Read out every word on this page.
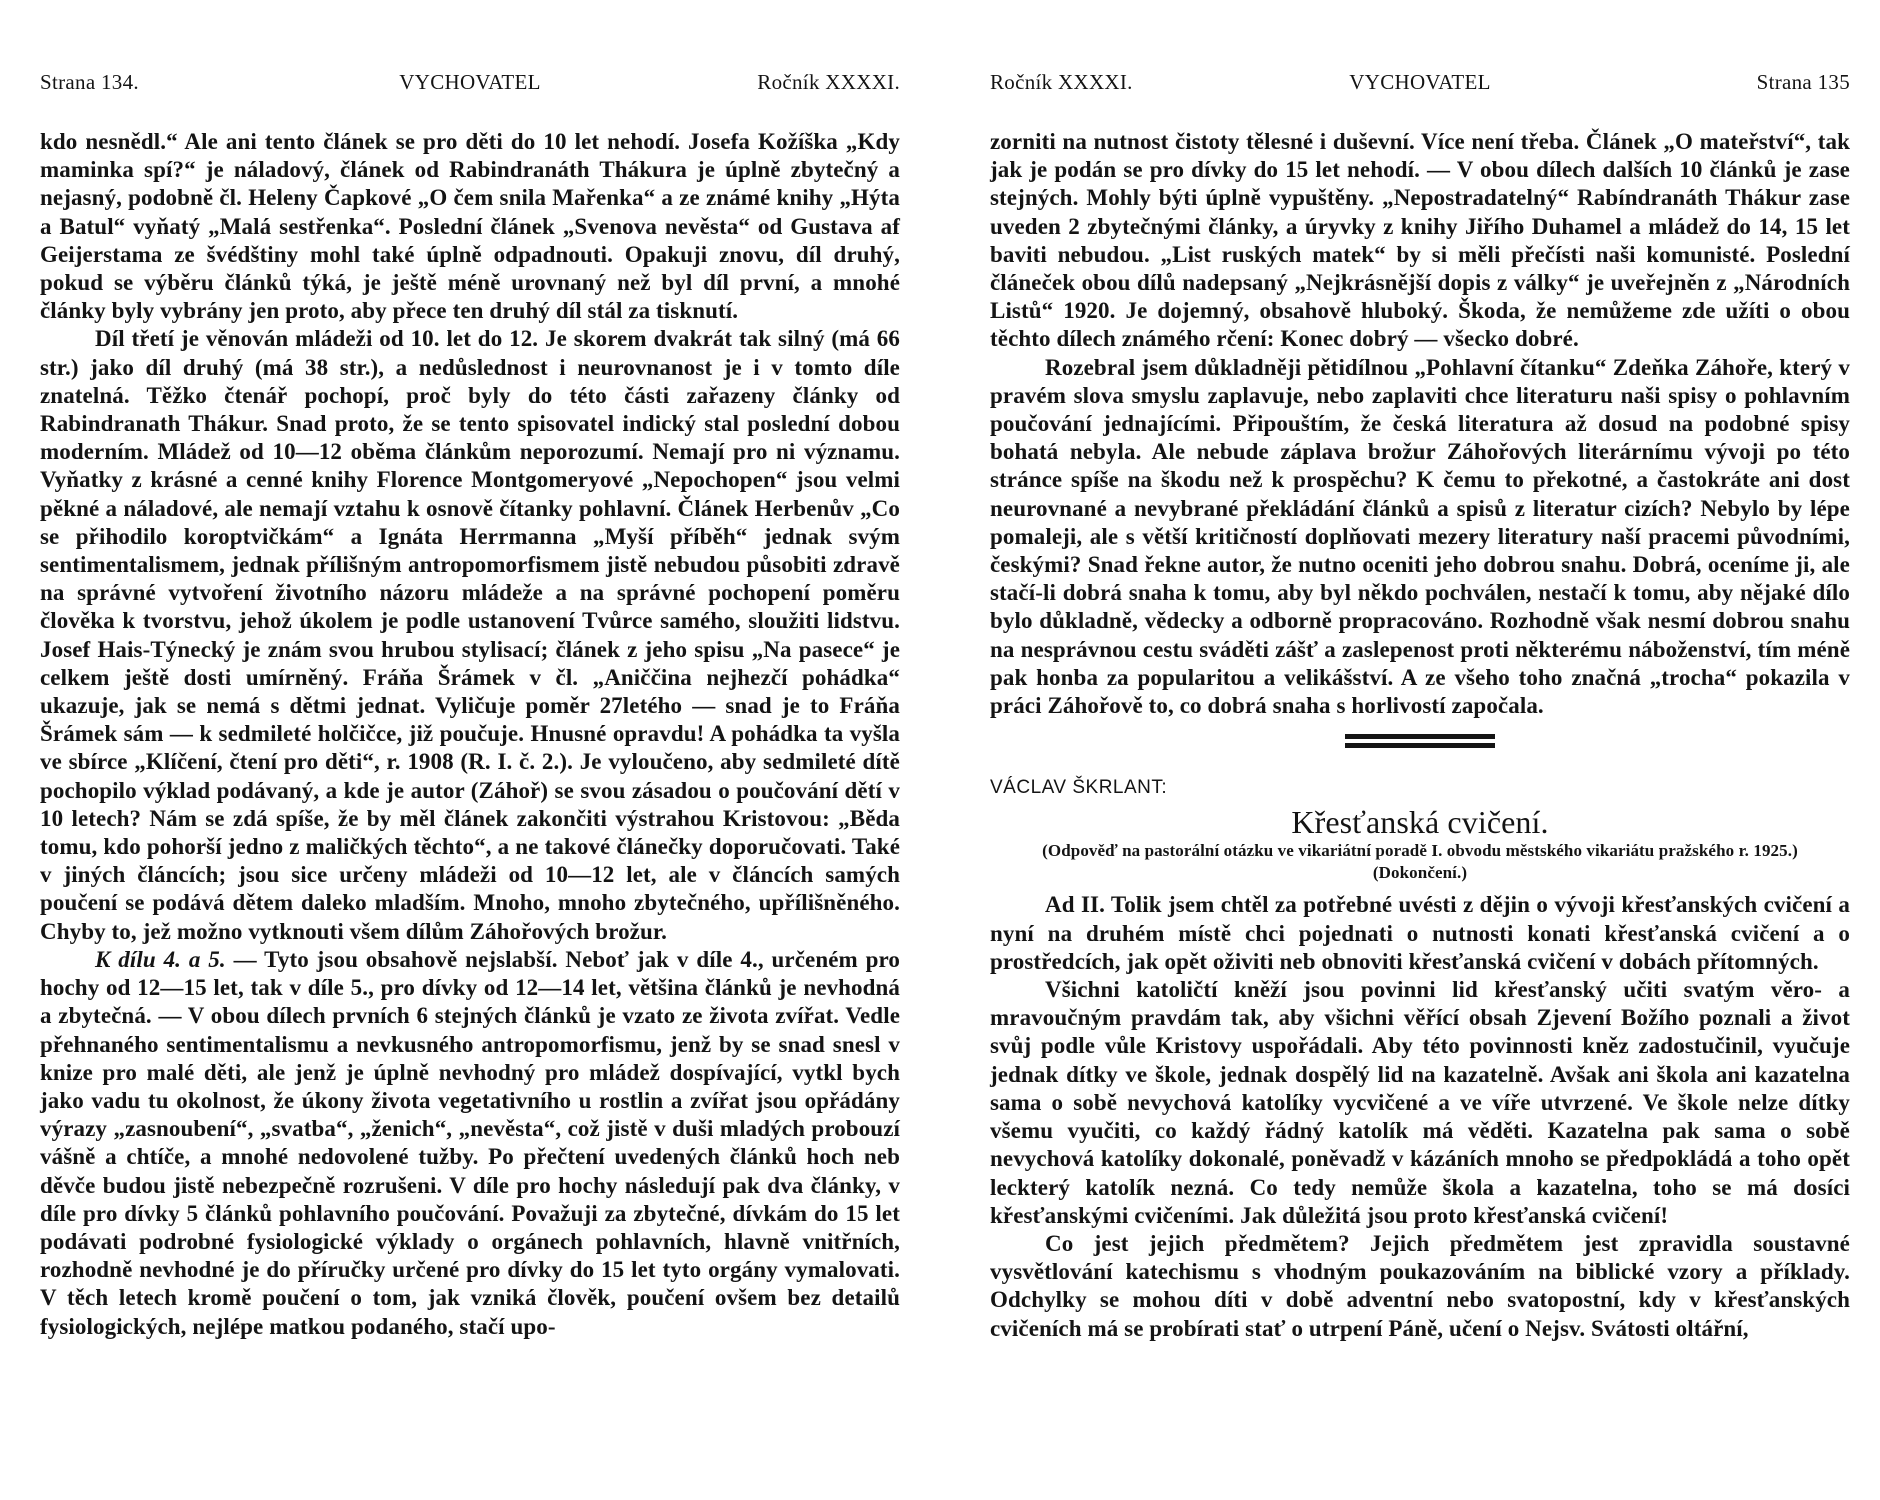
Strana 134.	VYCHOVATEL	Ročník XXXXI.

kdo nesnědl.“ Ale ani tento článek se pro děti do 10 let nehodí. Josefa Kožíška „Kdy maminka spí?“ je náladový, článek od Rabindranáth Thákura je úplně zbytečný a nejasný, podobně čl. Heleny Čapkové „O čem snila Mařenka“ a ze známé knihy „Hýta a Batul“ vyňatý „Malá sestřenka“. Poslední článek „Svenova nevěsta“ od Gustava af Geijerstama ze švédštiny mohl také úplně odpadnouti. Opakuji znovu, díl druhý, pokud se výběru článků týká, je ještě méně urovnaný než byl díl první, a mnohé články byly vybrány jen proto, aby přece ten druhý díl stál za tisknutí.

Díl třetí je věnován mládeži od 10. let do 12. Je skorem dvakrát tak silný (má 66 str.) jako díl druhý (má 38 str.), a nedůslednost i neurovnanost je i v tomto díle znatelná. Těžko čtenář pochopí, proč byly do této části zařazeny články od Rabindranath Thákur. Snad proto, že se tento spisovatel indický stal poslední dobou moderním. Mládež od 10—12 oběma článkům neporozumí. Nemají pro ni významu. Vyňatky z krásné a cenné knihy Florence Montgomeryové „Nepochopen“ jsou velmi pěkné a náladové, ale nemají vztahu k osnově čítanky pohlavní. Článek Herbenův „Co se přihodilo koroptvičkám“ a Ignáta Herrmanna „Myší příběh“ jednak svým sentimentalismem, jednak přílišným antropomorfismem jistě nebudou působiti zdravě na správné vytvoření životního názoru mládeže a na správné pochopení poměru člověka k tvorstvu, jehož úkolem je podle ustanovení Tvůrce samého, sloužiti lidstvu. Josef Hais-Týnecký je znám svou hrubou stylisací; článek z jeho spisu „Na pasece“ je celkem ještě dosti umírněný. Fráňa Šrámek v čl. „Aniččina nejhezčí pohádka“ ukazuje, jak se nemá s dětmi jednat. Vyličuje poměr 27letého — snad je to Fráňa Šrámek sám — k sedmileté holčičce, již poučuje. Hnusné opravdu! A pohádka ta vyšla ve sbírce „Klíčení, čtení pro děti“, r. 1908 (R. I. č. 2.). Je vyloučeno, aby sedmileté dítě pochopilo výklad podávaný, a kde je autor (Záhoř) se svou zásadou o poučování dětí v 10 letech? Nám se zdá spíše, že by měl článek zakončiti výstrahou Kristovou: „Běda tomu, kdo pohorší jedno z maličkých těchto“, a ne takové článečky doporučovati. Také v jiných článcích; jsou sice určeny mládeži od 10—12 let, ale v článcích samých poučení se podává dětem daleko mladším. Mnoho, mnoho zbytečného, upřílišněného. Chyby to, jež možno vytknouti všem dílům Záhořových brožur.

K dílu 4. a 5. — Tyto jsou obsahově nejslabší. Neboť jak v díle 4., určeném pro hochy od 12—15 let, tak v díle 5., pro dívky od 12—14 let, většina článků je nevhodná a zbytečná. — V obou dílech prvních 6 stejných článků je vzato ze života zvířat. Vedle přehnaného sentimentalismu a nevkusného antropomorfismu, jenž by se snad snesl v knize pro malé děti, ale jenž je úplně nevhodný pro mládež dospívající, vytkl bych jako vadu tu okolnost, že úkony života vegetativního u rostlin a zvířat jsou opřádány výrazy „zasnoubení“, „svatba“, „ženich“, „nevěsta“, což jistě v duši mladých probouzí vášně a chtíče, a mnohé nedovolené tužby. Po přečtení uvedených článků hoch neb děvče budou jistě nebezpečně rozrušeni. V díle pro hochy následují pak dva články, v díle pro dívky 5 článků pohlavního poučování. Považuji za zbytečné, dívkám do 15 let podávati podrobné fysiologické výklady o orgánech pohlavních, hlavně vnitřních, rozhodně nevhodné je do příručky určené pro dívky do 15 let tyto orgány vymalovati. V těch letech kromě poučení o tom, jak vzniká člověk, poučení ovšem bez detailů fysiologických, nejlépe matkou podaného, stačí upo-

Ročník XXXXI.	VYCHOVATEL	Strana 135

zorniti na nutnost čistoty tělesné i duševní. Více není třeba. Článek „O mateřství“, tak jak je podán se pro dívky do 15 let nehodí. — V obou dílech dalších 10 článků je zase stejných. Mohly býti úplně vypuštěny. „Nepostradatelný“ Rabíndranáth Thákur zase uveden 2 zbytečnými články, a úryvky z knihy Jiřího Duhamel a mládež do 14, 15 let baviti nebudou. „List ruských matek“ by si měli přečísti naši komunisté. Poslední článeček obou dílů nadepsaný „Nejkrásnější dopis z války“ je uveřejněn z „Národních Listů“ 1920. Je dojemný, obsahově hluboký. Škoda, že nemůžeme zde užíti o obou těchto dílech známého rčení: Konec dobrý — všecko dobré.

Rozebral jsem důkladněji pětidílnou „Pohlavní čítanku“ Zdeňka Záhoře, který v pravém slova smyslu zaplavuje, nebo zaplaviti chce literaturu naši spisy o pohlavním poučování jednajícími. Připouštím, že česká literatura až dosud na podobné spisy bohatá nebyla. Ale nebude záplava brožur Záhořových literárnímu vývoji po této stránce spíše na škodu než k prospěchu? K čemu to překotné, a častokráte ani dost neurovnané a nevybrané překládání článků a spisů z literatur cizích? Nebylo by lépe pomaleji, ale s větší kritičností doplňovati mezery literatury naší pracemi původními, českými? Snad řekne autor, že nutno oceniti jeho dobrou snahu. Dobrá, oceníme ji, ale stačí-li dobrá snaha k tomu, aby byl někdo pochválen, nestačí k tomu, aby nějaké dílo bylo důkladně, vědecky a odborně propracováno. Rozhodně však nesmí dobrou snahu na nesprávnou cestu sváděti zášť a zaslepenost proti některému náboženství, tím méně pak honba za popularitou a velikášství. A ze všeho toho značná „trocha“ pokazila v práci Záhořově to, co dobrá snaha s horlivostí započala.

VÁCLAV ŠKRLANT:
Křesťanská cvičení.
(Odpověď na pastorální otázku ve vikariátní poradě I. obvodu městského vikariátu pražského r. 1925.)
(Dokončení.)

Ad II. Tolik jsem chtěl za potřebné uvésti z dějin o vývoji křesťanských cvičení a nyní na druhém místě chci pojednati o nutnosti konati křesťanská cvičení a o prostředcích, jak opět oživiti neb obnoviti křesťanská cvičení v dobách přítomných.

Všichni katoličtí kněží jsou povinni lid křesťanský učiti svatým věro- a mravoučným pravdám tak, aby všichni věřící obsah Zjevení Božího poznali a život svůj podle vůle Kristovy uspořádali. Aby této povinnosti kněz zadostučinil, vyučuje jednak dítky ve škole, jednak dospělý lid na kazatelně. Avšak ani škola ani kazatelna sama o sobě nevychová katolíky vycvičené a ve víře utvrzené. Ve škole nelze dítky všemu vyučiti, co každý řádný katolík má věděti. Kazatelna pak sama o sobě nevychová katolíky dokonalé, poněvadž v kázáních mnoho se předpokládá a toho opět leckterý katolík nezná. Co tedy nemůže škola a kazatelna, toho se má dosíci křesťanskými cvičeními. Jak důležitá jsou proto křesťanská cvičení!

Co jest jejich předmětem? Jejich předmětem jest zpravidla soustavné vysvětlování katechismu s vhodným poukazováním na biblické vzory a příklady. Odchylky se mohou díti v době adventní nebo svatopostní, kdy v křesťanských cvičeních má se probírati stať o utrpení Páně, učení o Nejsv. Svátosti oltářní,
